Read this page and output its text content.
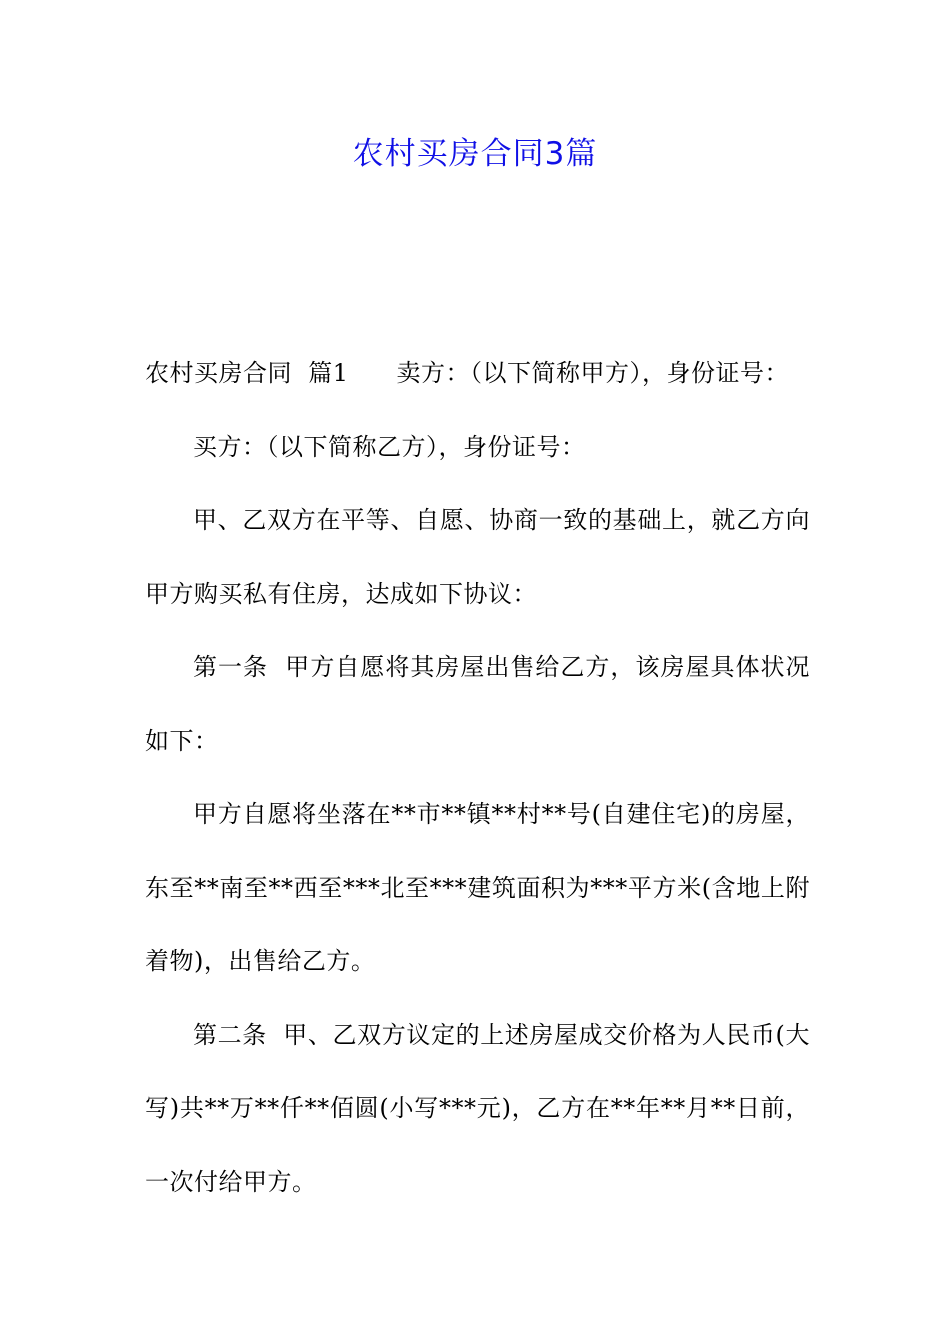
农村买房合同3篇

农村买房合同  篇1 卖方：（以下简称甲方），身份证号：

买方：（以下简称乙方），身份证号：

甲、乙双方在平等、自愿、协商一致的基础上，就乙方向甲方购买私有住房，达成如下协议：

第一条  甲方自愿将其房屋出售给乙方，该房屋具体状况如下：

甲方自愿将坐落在**市**镇**村**号(自建住宅)的房屋，东至**南至**西至***北至***建筑面积为***平方米(含地上附着物)，出售给乙方。

第二条  甲、乙双方议定的上述房屋成交价格为人民币(大写)共**万**仟**佰圆(小写***元)，乙方在**年**月**日前，一次付给甲方。
